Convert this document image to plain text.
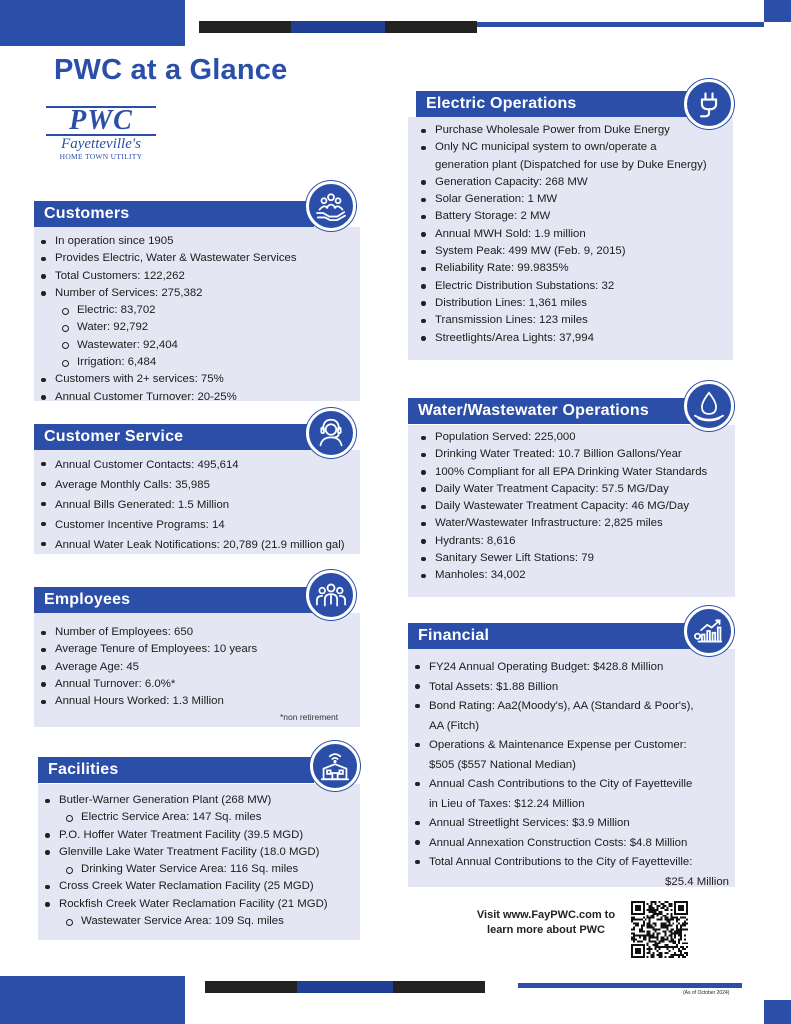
PWC at a Glance
PWC
Fayetteville's
HOME TOWN UTILITY
Customers
In operation since 1905
Provides Electric, Water & Wastewater Services
Total Customers: 122,262
Number of Services: 275,382
Electric: 83,702
Water: 92,792
Wastewater: 92,404
Irrigation: 6,484
Customers with 2+ services: 75%
Annual Customer Turnover: 20-25%
Customer Service
Annual Customer Contacts: 495,614
Average Monthly Calls: 35,985
Annual Bills Generated: 1.5 Million
Customer Incentive Programs: 14
Annual Water Leak Notifications: 20,789 (21.9 million gal)
Employees
Number of Employees: 650
Average Tenure of Employees: 10 years
Average Age: 45
Annual Turnover: 6.0%*
Annual Hours Worked: 1.3 Million
*non retirement
Facilities
Butler-Warner Generation Plant (268 MW)
Electric Service Area: 147 Sq. miles
P.O. Hoffer Water Treatment Facility (39.5 MGD)
Glenville Lake Water Treatment Facility (18.0 MGD)
Drinking Water Service Area: 116 Sq. miles
Cross Creek Water Reclamation Facility (25 MGD)
Rockfish Creek Water Reclamation Facility (21 MGD)
Wastewater Service Area: 109 Sq. miles
Electric Operations
Purchase Wholesale Power from Duke Energy
Only NC municipal system to own/operate a
generation plant (Dispatched for use by Duke Energy)
Generation Capacity: 268 MW
Solar Generation: 1 MW
Battery Storage: 2 MW
Annual MWH Sold: 1.9 million
System Peak: 499 MW (Feb. 9, 2015)
Reliability Rate: 99.9835%
Electric Distribution Substations: 32
Distribution Lines: 1,361 miles
Transmission Lines: 123 miles
Streetlights/Area Lights: 37,994
Water/Wastewater Operations
Population Served: 225,000
Drinking Water Treated: 10.7 Billion Gallons/Year
100% Compliant for all EPA Drinking Water Standards
Daily Water Treatment Capacity: 57.5 MG/Day
Daily Wastewater Treatment Capacity: 46 MG/Day
Water/Wastewater Infrastructure: 2,825 miles
Hydrants: 8,616
Sanitary Sewer Lift Stations: 79
Manholes: 34,002
Financial
FY24 Annual Operating Budget: $428.8 Million
Total Assets: $1.88 Billion
Bond Rating: Aa2(Moody's), AA (Standard & Poor's),
AA (Fitch)
Operations & Maintenance Expense per Customer:
$505 ($557 National Median)
Annual Cash Contributions to the City of Fayetteville
in Lieu of Taxes: $12.24 Million
Annual Streetlight Services: $3.9 Million
Annual Annexation Construction Costs: $4.8 Million
Total Annual Contributions to the City of Fayetteville:
$25.4 Million
Visit www.FayPWC.com to
learn more about PWC
(As of October 2024)
